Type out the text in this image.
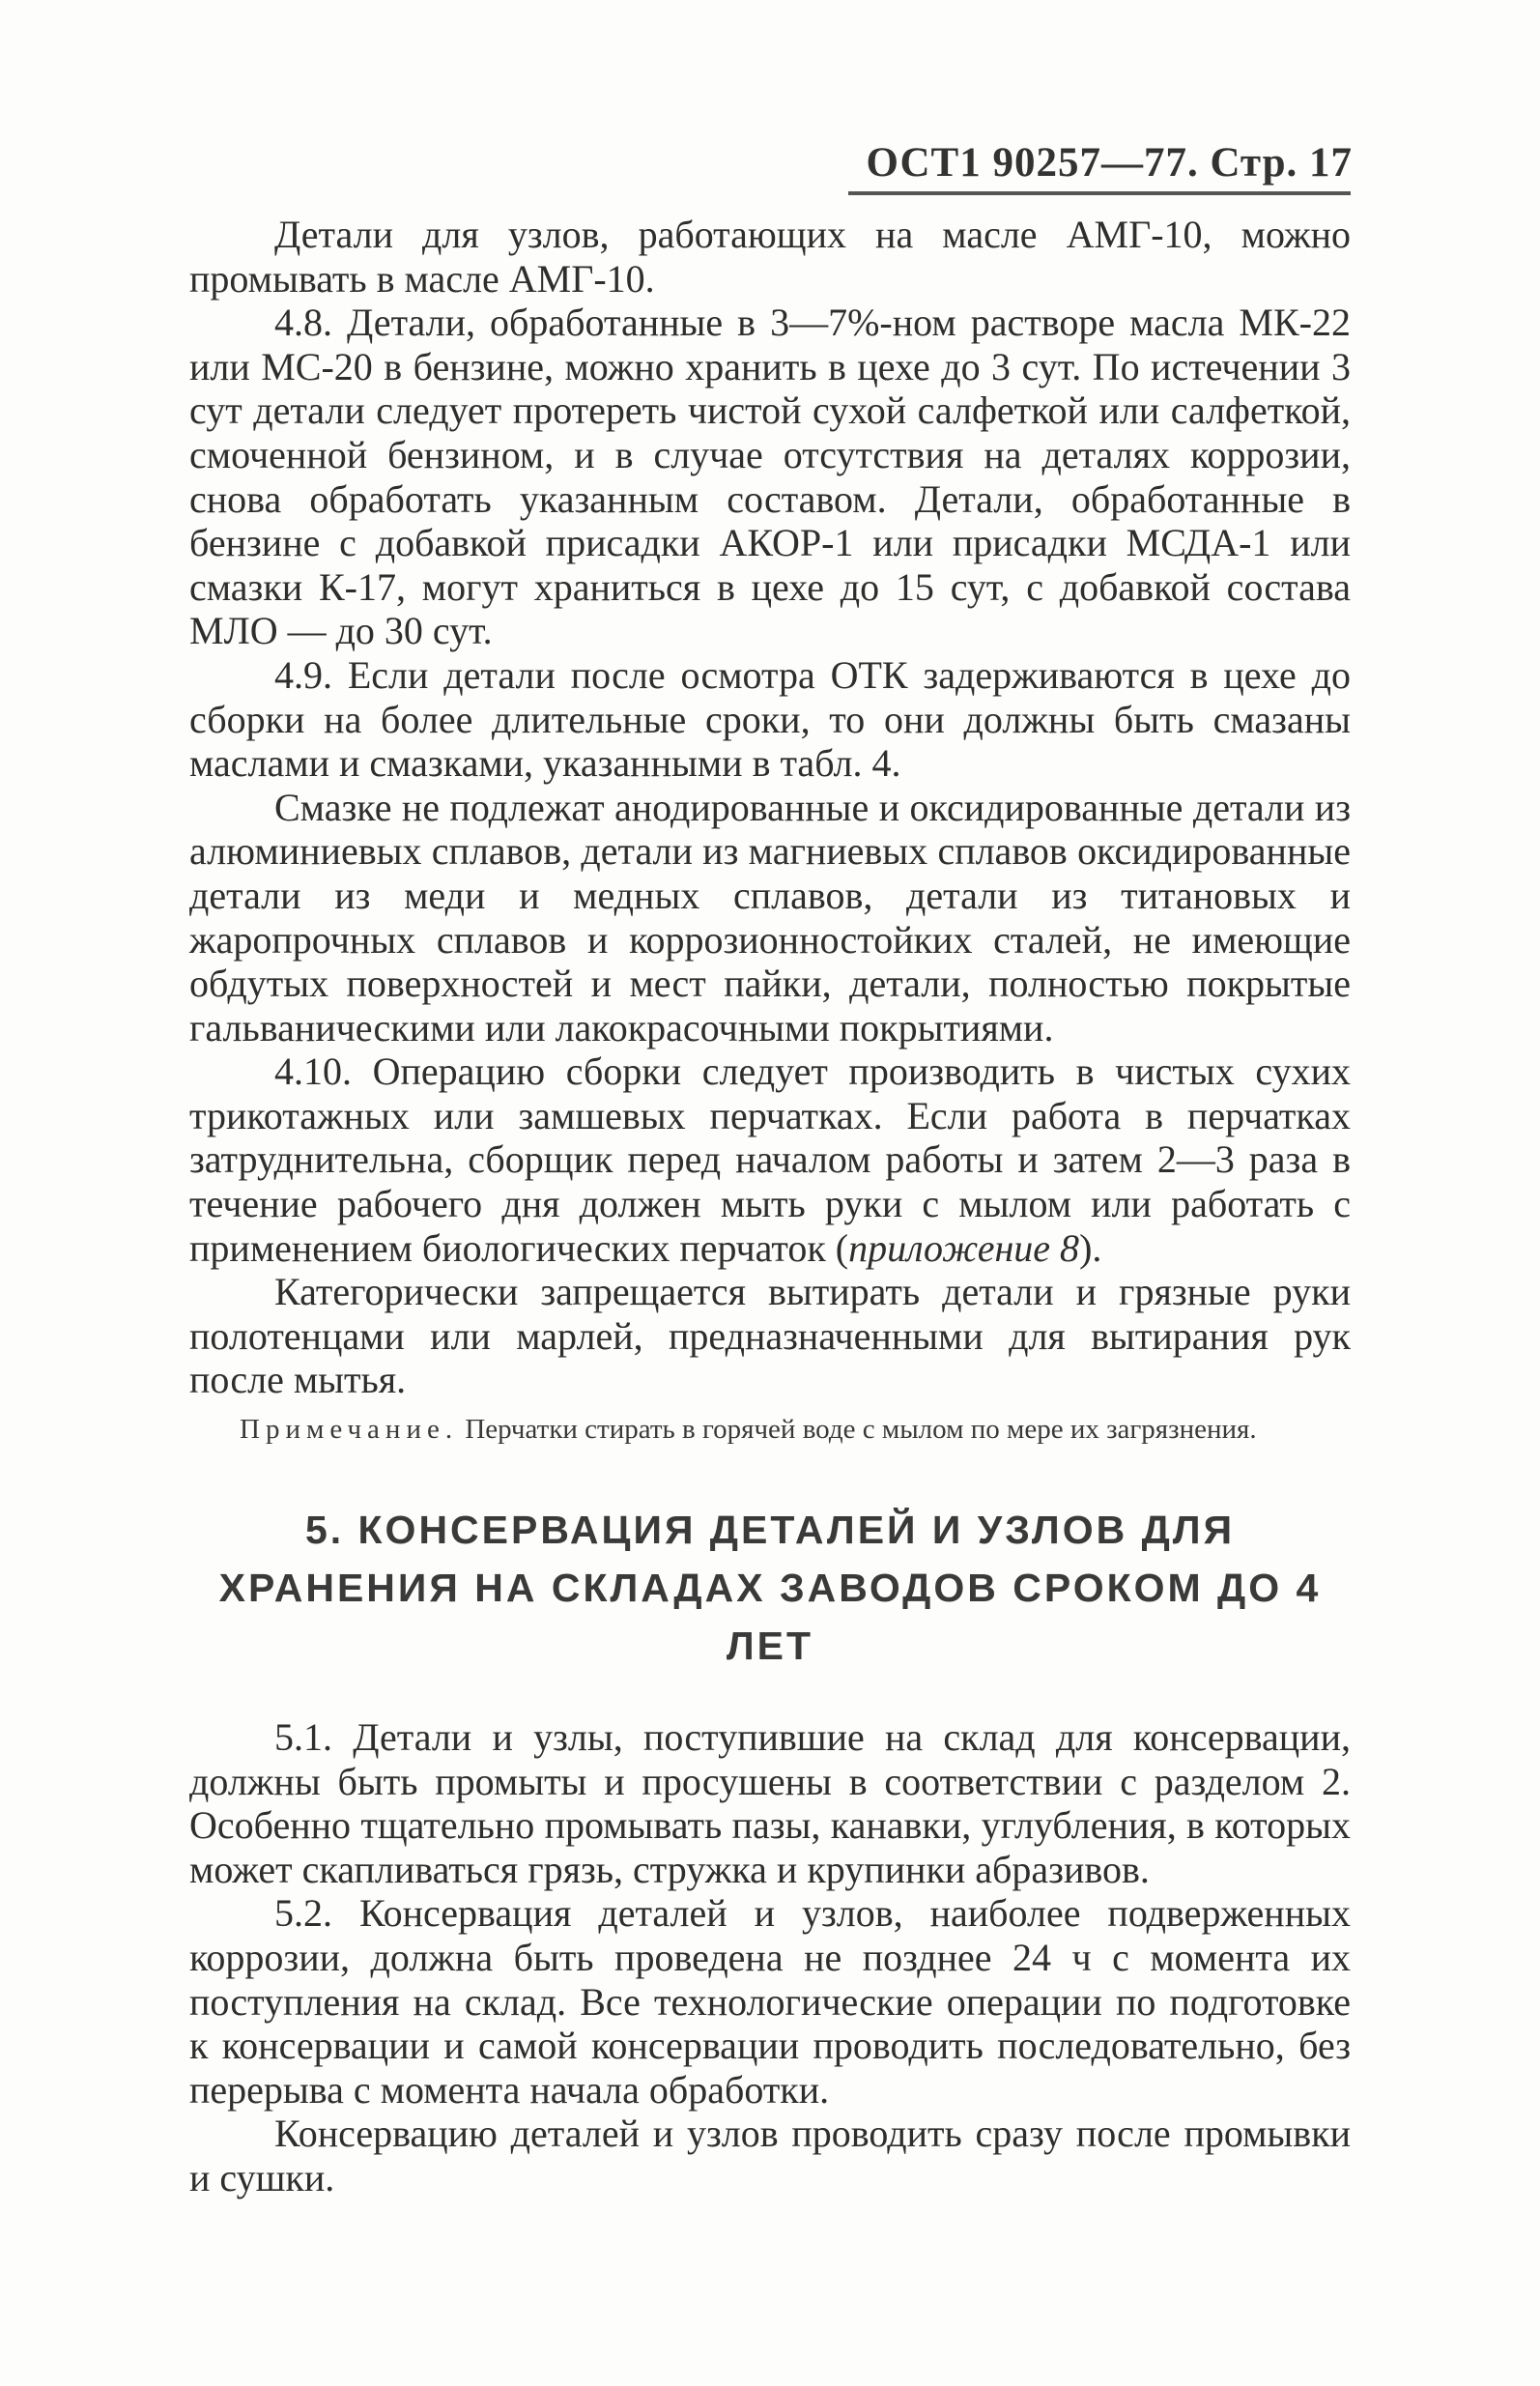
ОСТ1 90257—77. Стр. 17

Детали для узлов, работающих на масле АМГ-10, можно промывать в масле АМГ-10.

4.8. Детали, обработанные в 3—7%-ном растворе масла МК-22 или МС-20 в бензине, можно хранить в цехе до 3 сут. По истечении 3 сут детали следует протереть чистой сухой салфеткой или салфеткой, смоченной бензином, и в случае отсутствия на деталях коррозии, снова обработать указанным составом. Детали, обработанные в бензине с добавкой присадки АКОР-1 или присадки МСДА-1 или смазки К-17, могут храниться в цехе до 15 сут, с добавкой состава МЛО — до 30 сут.

4.9. Если детали после осмотра ОТК задерживаются в цехе до сборки на более длительные сроки, то они должны быть смазаны маслами и смазками, указанными в табл. 4.

Смазке не подлежат анодированные и оксидированные детали из алюминиевых сплавов, детали из магниевых сплавов оксидированные детали из меди и медных сплавов, детали из титановых и жаропрочных сплавов и коррозионностойких сталей, не имеющие обдутых поверхностей и мест пайки, детали, полностью покрытые гальваническими или лакокрасочными покрытиями.

4.10. Операцию сборки следует производить в чистых сухих трикотажных или замшевых перчатках. Если работа в перчатках затруднительна, сборщик перед началом работы и затем 2—3 раза в течение рабочего дня должен мыть руки с мылом или работать с применением биологических перчаток (приложение 8).

Категорически запрещается вытирать детали и грязные руки полотенцами или марлей, предназначенными для вытирания рук после мытья.

Примечание. Перчатки стирать в горячей воде с мылом по мере их загрязнения.

5. КОНСЕРВАЦИЯ ДЕТАЛЕЙ И УЗЛОВ ДЛЯ
ХРАНЕНИЯ НА СКЛАДАХ ЗАВОДОВ СРОКОМ ДО 4 ЛЕТ

5.1. Детали и узлы, поступившие на склад для консервации, должны быть промыты и просушены в соответствии с разделом 2. Особенно тщательно промывать пазы, канавки, углубления, в которых может скапливаться грязь, стружка и крупинки абразивов.

5.2. Консервация деталей и узлов, наиболее подверженных коррозии, должна быть проведена не позднее 24 ч с момента их поступления на склад. Все технологические операции по подготовке к консервации и самой консервации проводить последовательно, без перерыва с момента начала обработки.

Консервацию деталей и узлов проводить сразу после промывки и сушки.
